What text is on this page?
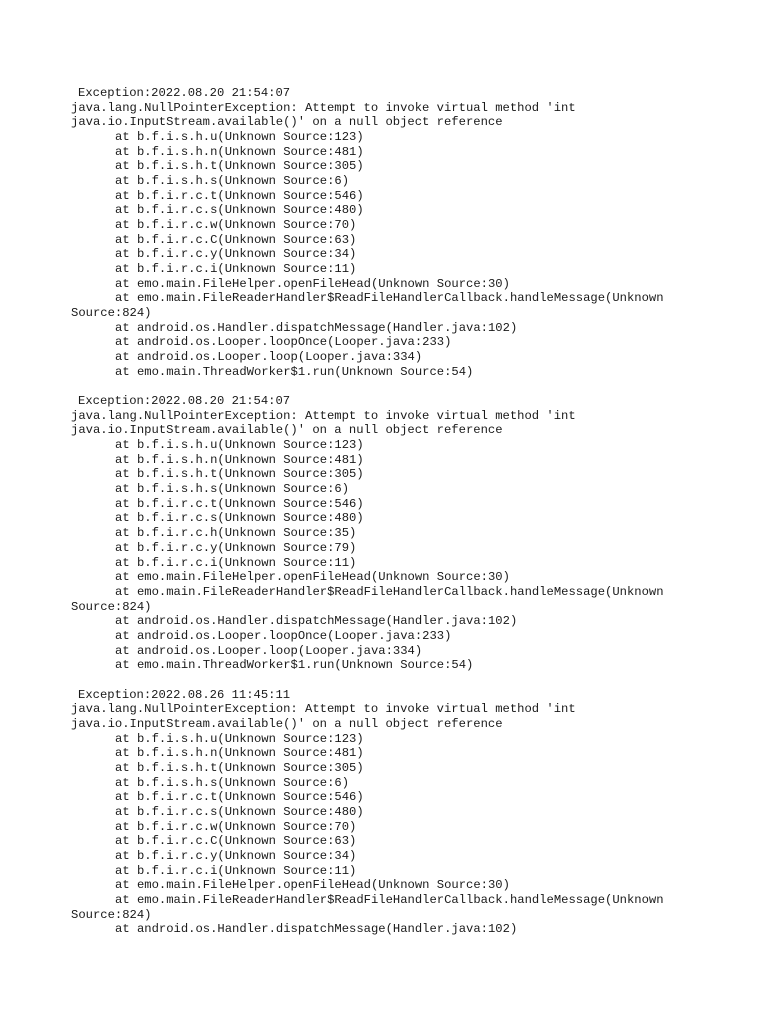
Exception:2022.08.20 21:54:07
java.lang.NullPointerException: Attempt to invoke virtual method 'int
java.io.InputStream.available()' on a null object reference
at b.f.i.s.h.u(Unknown Source:123)
at b.f.i.s.h.n(Unknown Source:481)
at b.f.i.s.h.t(Unknown Source:305)
at b.f.i.s.h.s(Unknown Source:6)
at b.f.i.r.c.t(Unknown Source:546)
at b.f.i.r.c.s(Unknown Source:480)
at b.f.i.r.c.w(Unknown Source:70)
at b.f.i.r.c.C(Unknown Source:63)
at b.f.i.r.c.y(Unknown Source:34)
at b.f.i.r.c.i(Unknown Source:11)
at emo.main.FileHelper.openFileHead(Unknown Source:30)
at emo.main.FileReaderHandler$ReadFileHandlerCallback.handleMessage(Unknown
Source:824)
at android.os.Handler.dispatchMessage(Handler.java:102)
at android.os.Looper.loopOnce(Looper.java:233)
at android.os.Looper.loop(Looper.java:334)
at emo.main.ThreadWorker$1.run(Unknown Source:54)
Exception:2022.08.20 21:54:07
java.lang.NullPointerException: Attempt to invoke virtual method 'int
java.io.InputStream.available()' on a null object reference
at b.f.i.s.h.u(Unknown Source:123)
at b.f.i.s.h.n(Unknown Source:481)
at b.f.i.s.h.t(Unknown Source:305)
at b.f.i.s.h.s(Unknown Source:6)
at b.f.i.r.c.t(Unknown Source:546)
at b.f.i.r.c.s(Unknown Source:480)
at b.f.i.r.c.h(Unknown Source:35)
at b.f.i.r.c.y(Unknown Source:79)
at b.f.i.r.c.i(Unknown Source:11)
at emo.main.FileHelper.openFileHead(Unknown Source:30)
at emo.main.FileReaderHandler$ReadFileHandlerCallback.handleMessage(Unknown
Source:824)
at android.os.Handler.dispatchMessage(Handler.java:102)
at android.os.Looper.loopOnce(Looper.java:233)
at android.os.Looper.loop(Looper.java:334)
at emo.main.ThreadWorker$1.run(Unknown Source:54)
Exception:2022.08.26 11:45:11
java.lang.NullPointerException: Attempt to invoke virtual method 'int
java.io.InputStream.available()' on a null object reference
at b.f.i.s.h.u(Unknown Source:123)
at b.f.i.s.h.n(Unknown Source:481)
at b.f.i.s.h.t(Unknown Source:305)
at b.f.i.s.h.s(Unknown Source:6)
at b.f.i.r.c.t(Unknown Source:546)
at b.f.i.r.c.s(Unknown Source:480)
at b.f.i.r.c.w(Unknown Source:70)
at b.f.i.r.c.C(Unknown Source:63)
at b.f.i.r.c.y(Unknown Source:34)
at b.f.i.r.c.i(Unknown Source:11)
at emo.main.FileHelper.openFileHead(Unknown Source:30)
at emo.main.FileReaderHandler$ReadFileHandlerCallback.handleMessage(Unknown
Source:824)
at android.os.Handler.dispatchMessage(Handler.java:102)
